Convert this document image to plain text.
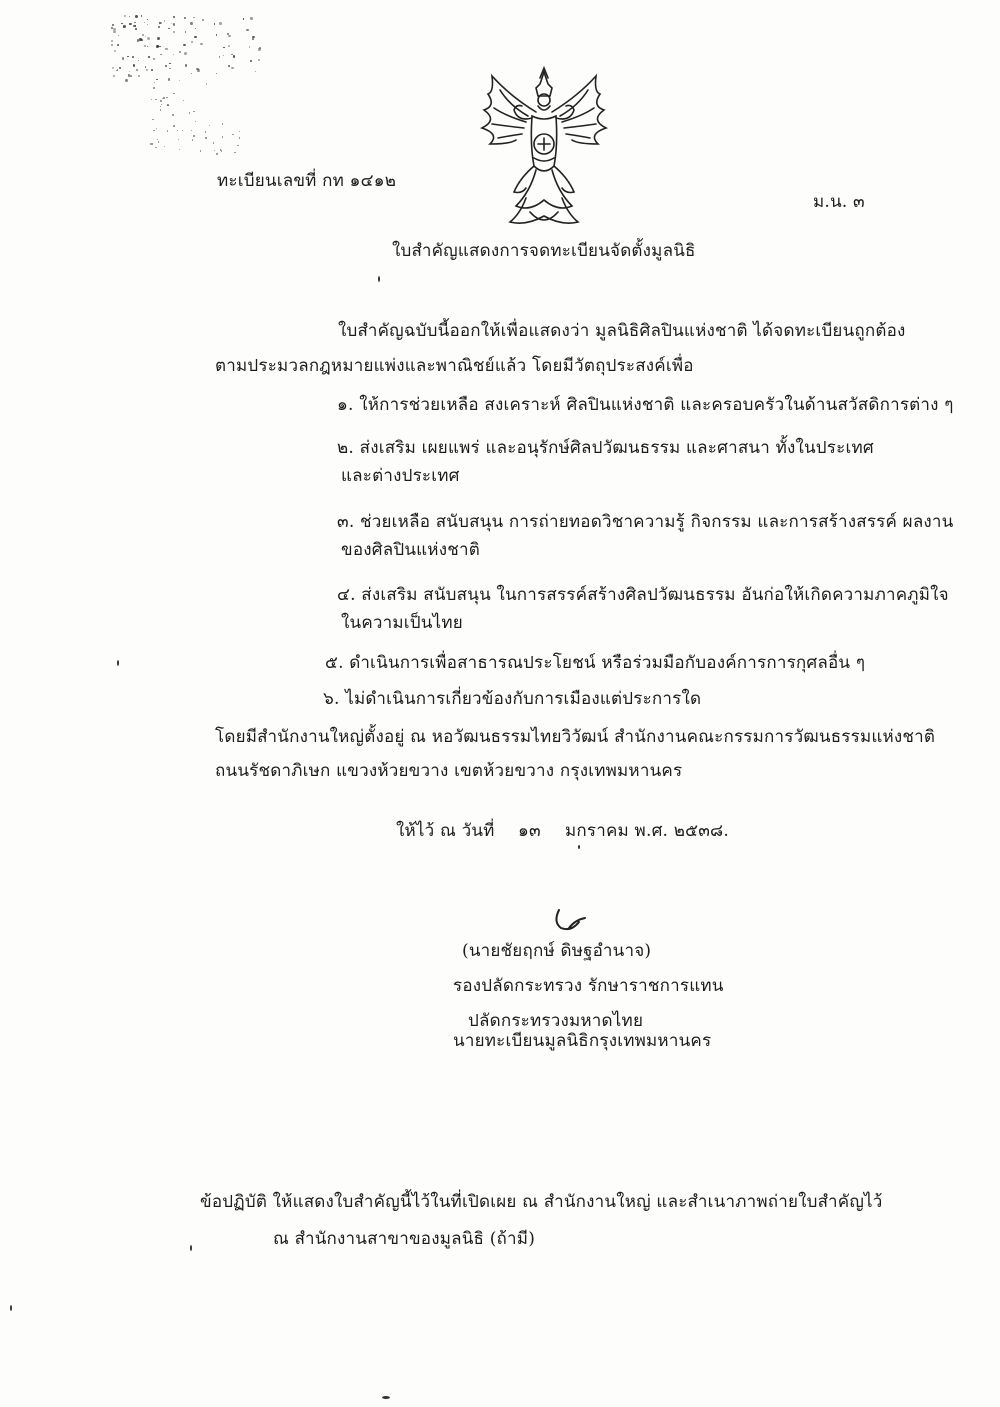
ทะเบียนเลขที่ กท ๑๔๑๒
ม.น. ๓
ใบสำคัญแสดงการจดทะเบียนจัดตั้งมูลนิธิ
ใบสำคัญฉบับนี้ออกให้เพื่อแสดงว่า มูลนิธิศิลปินแห่งชาติ ได้จดทะเบียนถูกต้อง
ตามประมวลกฎหมายแพ่งและพาณิชย์แล้ว โดยมีวัตถุประสงค์เพื่อ
๑. ให้การช่วยเหลือ สงเคราะห์ ศิลปินแห่งชาติ และครอบครัวในด้านสวัสดิการต่าง ๆ
๒. ส่งเสริม เผยแพร่ และอนุรักษ์ศิลปวัฒนธรรม และศาสนา ทั้งในประเทศ
และต่างประเทศ
๓. ช่วยเหลือ สนับสนุน การถ่ายทอดวิชาความรู้ กิจกรรม และการสร้างสรรค์ ผลงาน
ของศิลปินแห่งชาติ
๔. ส่งเสริม สนับสนุน ในการสรรค์สร้างศิลปวัฒนธรรม อันก่อให้เกิดความภาคภูมิใจ
ในความเป็นไทย
๕. ดำเนินการเพื่อสาธารณประโยชน์ หรือร่วมมือกับองค์การการกุศลอื่น ๆ
๖. ไม่ดำเนินการเกี่ยวข้องกับการเมืองแต่ประการใด
โดยมีสำนักงานใหญ่ตั้งอยู่ ณ หอวัฒนธรรมไทยวิวัฒน์ สำนักงานคณะกรรมการวัฒนธรรมแห่งชาติ
ถนนรัชดาภิเษก แขวงห้วยขวาง เขตห้วยขวาง กรุงเทพมหานคร
ให้ไว้ ณ วันที่ ๑๓ มกราคม พ.ศ. ๒๕๓๘.
(นายชัยฤกษ์ ดิษฐอำนาจ)
รองปลัดกระทรวง รักษาราชการแทน
ปลัดกระทรวงมหาดไทย
นายทะเบียนมูลนิธิกรุงเทพมหานคร
ข้อปฏิบัติ ให้แสดงใบสำคัญนี้ไว้ในที่เปิดเผย ณ สำนักงานใหญ่ และสำเนาภาพถ่ายใบสำคัญไว้
ณ สำนักงานสาขาของมูลนิธิ (ถ้ามี)
